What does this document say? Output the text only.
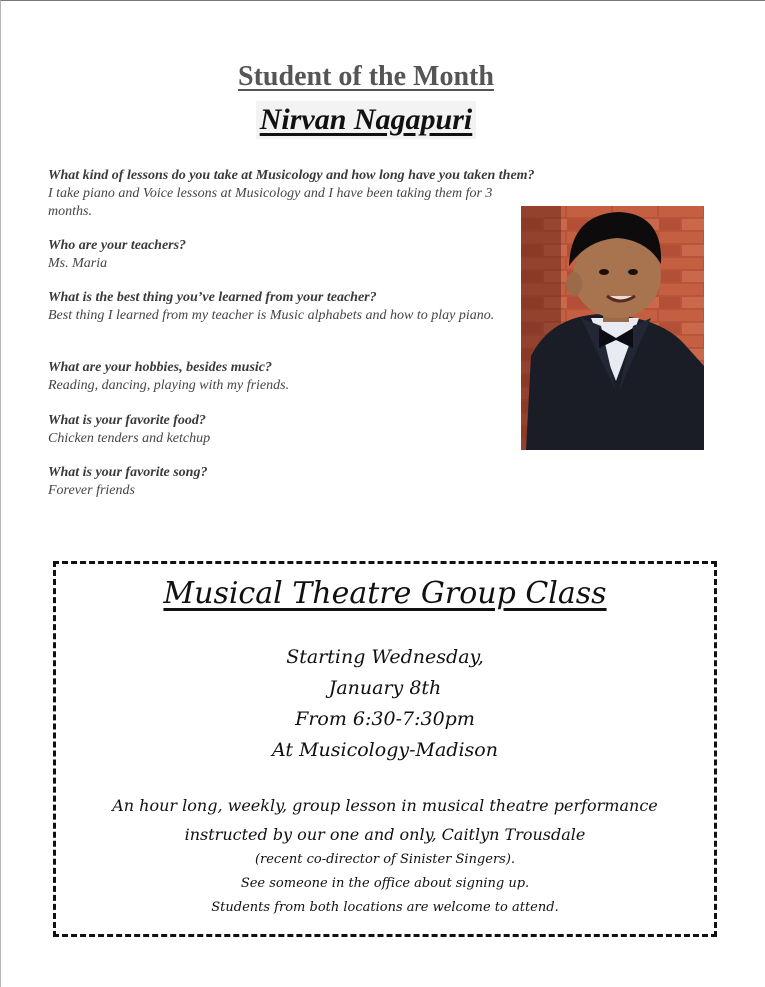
Student of the Month
Nirvan Nagapuri
What kind of lessons do you take at Musicology and how long have you taken them?
I take piano and Voice lessons at Musicology and I have been taking them for 3 months.
Who are your teachers?
Ms. Maria
What is the best thing you’ve learned from your teacher?
Best thing I learned from my teacher is Music alphabets and how to play piano.
What are your hobbies, besides music?
Reading, dancing, playing with my friends.
What is your favorite food?
Chicken tenders and ketchup
What is your favorite song?
Forever friends
Musical Theatre Group Class
Starting Wednesday,
January 8th
From 6:30-7:30pm
At Musicology-Madison
An hour long, weekly, group lesson in musical theatre performance
instructed by our one and only, Caitlyn Trousdale
(recent co-director of Sinister Singers).
See someone in the office about signing up.
Students from both locations are welcome to attend.
